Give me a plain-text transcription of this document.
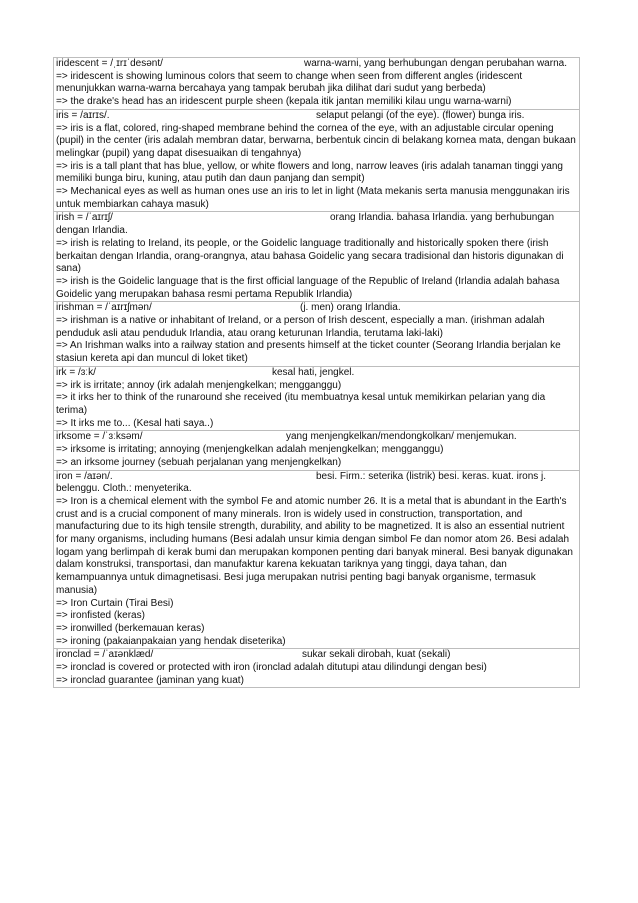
iridescent = /ˌɪrɪˈdesənt/	warna-warni, yang berhubungan dengan perubahan warna.
=> iridescent is showing luminous colors that seem to change when seen from different angles (iridescent menunjukkan warna-warna bercahaya yang tampak berubah jika dilihat dari sudut yang berbeda)
=> the drake's head has an iridescent purple sheen (kepala itik jantan memiliki kilau ungu warna-warni)
iris = /aɪrɪs/.	selaput pelangi (of the eye). (flower) bunga iris.
=> iris is a flat, colored, ring-shaped membrane behind the cornea of the eye, with an adjustable circular opening (pupil) in the center (iris adalah membran datar, berwarna, berbentuk cincin di belakang kornea mata, dengan bukaan melingkar (pupil) yang dapat disesuaikan di tengahnya)
=> iris is a tall plant that has blue, yellow, or white flowers and long, narrow leaves (iris adalah tanaman tinggi yang memiliki bunga biru, kuning, atau putih dan daun panjang dan sempit)
=> Mechanical eyes as well as human ones use an iris to let in light (Mata mekanis serta manusia menggunakan iris untuk membiarkan cahaya masuk)
irish = /ˈaɪrɪʃ/	orang Irlandia. bahasa Irlandia. yang berhubungan dengan Irlandia.
=> irish is relating to Ireland, its people, or the Goidelic language traditionally and historically spoken there (irish berkaitan dengan Irlandia, orang-orangnya, atau bahasa Goidelic yang secara tradisional dan historis digunakan di sana)
=> irish is the Goidelic language that is the first official language of the Republic of Ireland (Irlandia adalah bahasa Goidelic yang merupakan bahasa resmi pertama Republik Irlandia)
irishman = /ˈaɪrɪʃmən/	(j. men) orang Irlandia.
=> irishman is a native or inhabitant of Ireland, or a person of Irish descent, especially a man. (irishman adalah penduduk asli atau penduduk Irlandia, atau orang keturunan Irlandia, terutama laki-laki)
=> An Irishman walks into a railway station and presents himself at the ticket counter (Seorang Irlandia berjalan ke stasiun kereta api dan muncul di loket tiket)
irk = /ɜːk/	kesal hati, jengkel.
=> irk is irritate; annoy (irk adalah menjengkelkan; mengganggu)
=> it irks her to think of the runaround she received (itu membuatnya kesal untuk memikirkan pelarian yang dia terima)
=> It irks me to... (Kesal hati saya..)
irksome = /ˈɜːksəm/	yang menjengkelkan/mendongkolkan/ menjemukan.
=> irksome is irritating; annoying (menjengkelkan adalah menjengkelkan; mengganggu)
=> an irksome journey (sebuah perjalanan yang menjengkelkan)
iron = /aɪən/.	besi. Firm.: seterika (listrik) besi. keras. kuat. irons j. belenggu. Cloth.: menyeterika.
=> Iron is a chemical element with the symbol Fe and atomic number 26. It is a metal that is abundant in the Earth's crust and is a crucial component of many minerals. Iron is widely used in construction, transportation, and manufacturing due to its high tensile strength, durability, and ability to be magnetized. It is also an essential nutrient for many organisms, including humans (Besi adalah unsur kimia dengan simbol Fe dan nomor atom 26. Besi adalah logam yang berlimpah di kerak bumi dan merupakan komponen penting dari banyak mineral. Besi banyak digunakan dalam konstruksi, transportasi, dan manufaktur karena kekuatan tariknya yang tinggi, daya tahan, dan kemampuannya untuk dimagnetisasi. Besi juga merupakan nutrisi penting bagi banyak organisme, termasuk manusia)
=> Iron Curtain (Tirai Besi)
=> ironfisted (keras)
=> ironwilled (berkemauan keras)
=> ironing (pakaianpakaian yang hendak diseterika)
ironclad = /ˈaɪənklæd/	sukar sekali dirobah, kuat (sekali)
=> ironclad is covered or protected with iron (ironclad adalah ditutupi atau dilindungi dengan besi)
=> ironclad guarantee (jaminan yang kuat)
